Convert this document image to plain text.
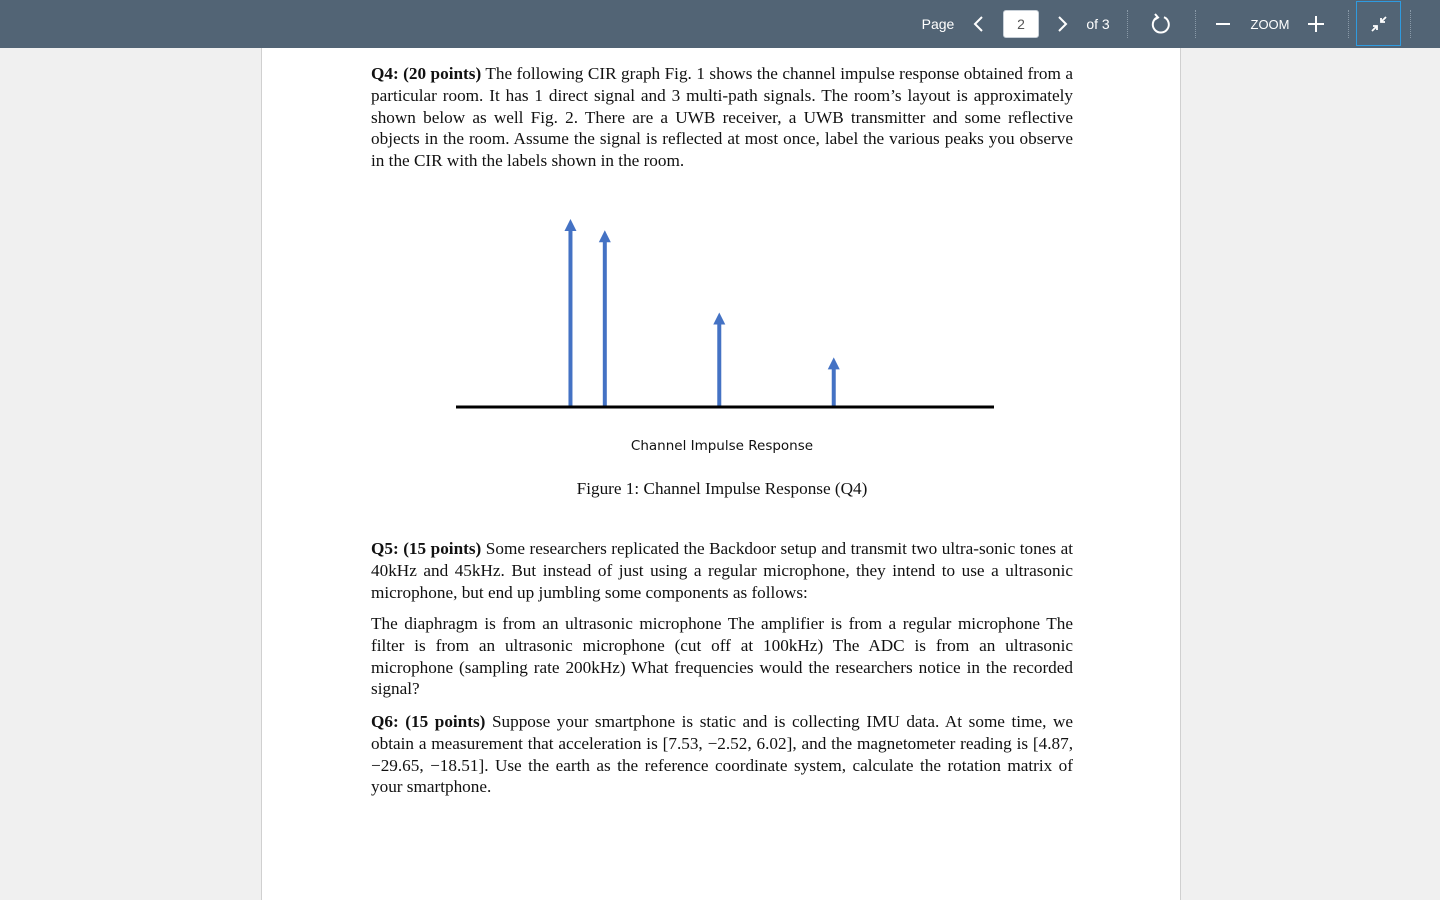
Page
2	of 3	ZOOM

Q4: (20 points) The following CIR graph Fig. 1 shows the channel impulse response obtained from a particular room. It has 1 direct signal and 3 multi-path signals. The room’s layout is approximately shown below as well Fig. 2. There are a UWB receiver, a UWB transmitter and some reflective objects in the room. Assume the signal is reflected at most once, label the various peaks you observe in the CIR with the labels shown in the room.

Channel Impulse Response
Figure 1: Channel Impulse Response (Q4)

Q5: (15 points) Some researchers replicated the Backdoor setup and transmit two ultra-sonic tones at 40kHz and 45kHz. But instead of just using a regular microphone, they intend to use a ultrasonic microphone, but end up jumbling some components as follows:

The diaphragm is from an ultrasonic microphone The amplifier is from a regular microphone The filter is from an ultrasonic microphone (cut off at 100kHz) The ADC is from an ultrasonic microphone (sampling rate 200kHz) What frequencies would the researchers notice in the recorded signal?

Q6: (15 points) Suppose your smartphone is static and is collecting IMU data. At some time, we obtain a measurement that acceleration is [7.53, −2.52, 6.02], and the magnetometer reading is [4.87, −29.65, −18.51]. Use the earth as the reference coordinate system, calculate the rotation matrix of your smartphone.
